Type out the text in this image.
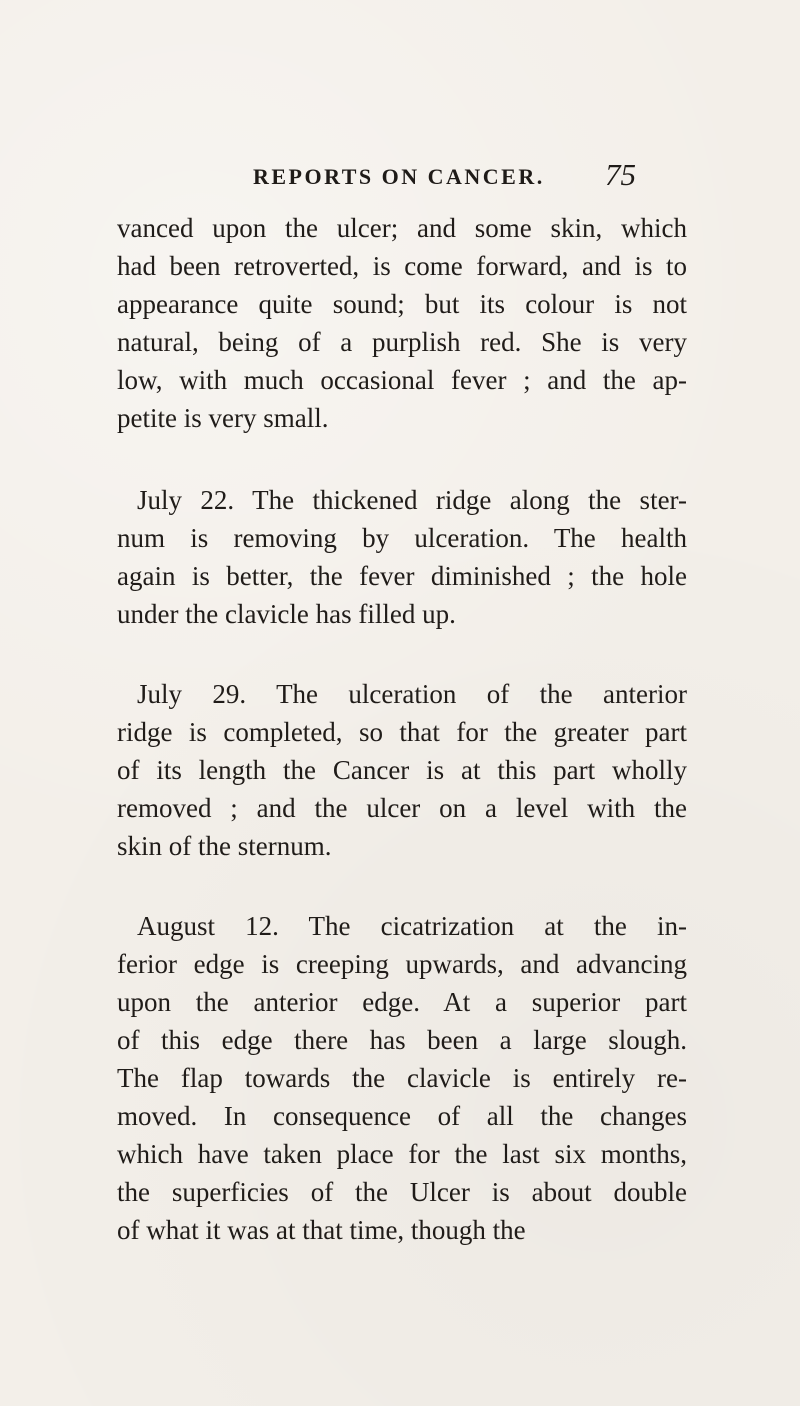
REPORTS ON CANCER. 75
vanced upon the ulcer; and some skin, which
had been retroverted, is come forward, and is to
appearance quite sound; but its colour is not
natural, being of a purplish red. She is very
low, with much occasional fever ; and the ap-
petite is very small.
July 22. The thickened ridge along the ster-
num is removing by ulceration. The health
again is better, the fever diminished ; the hole
under the clavicle has filled up.
July 29. The ulceration of the anterior
ridge is completed, so that for the greater part
of its length the Cancer is at this part wholly
removed ; and the ulcer on a level with the
skin of the sternum.
August 12. The cicatrization at the in-
ferior edge is creeping upwards, and advancing
upon the anterior edge. At a superior part
of this edge there has been a large slough.
The flap towards the clavicle is entirely re-
moved. In consequence of all the changes
which have taken place for the last six months,
the superficies of the Ulcer is about double
of what it was at that time, though the
